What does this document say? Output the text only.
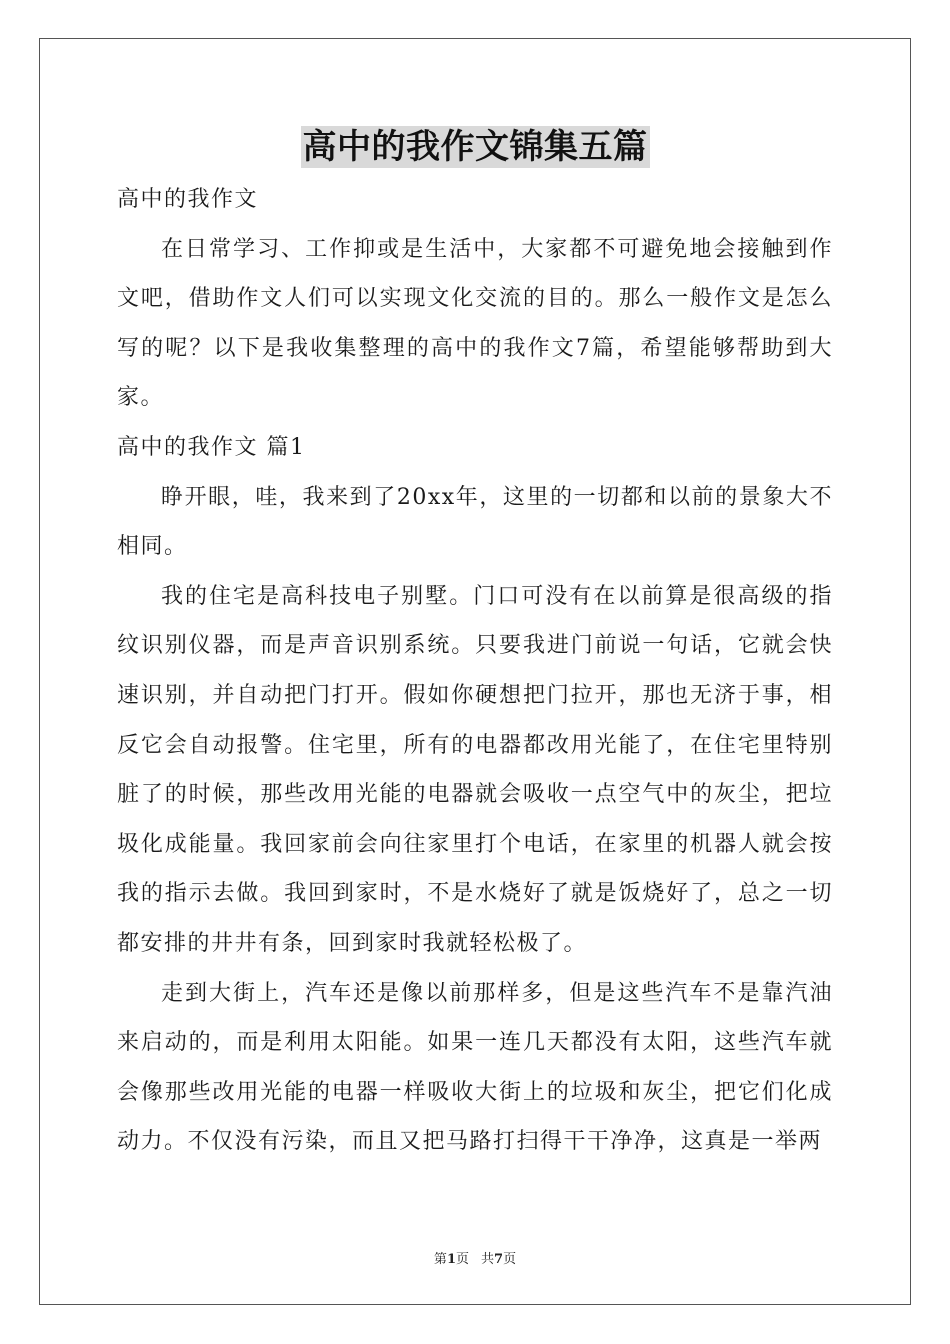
高中的我作文锦集五篇

高中的我作文

在日常学习、工作抑或是生活中，大家都不可避免地会接触到作文吧，借助作文人们可以实现文化交流的目的。那么一般作文是怎么写的呢？以下是我收集整理的高中的我作文7篇，希望能够帮助到大家。

高中的我作文 篇1

睁开眼，哇，我来到了20xx年，这里的一切都和以前的景象大不相同。

我的住宅是高科技电子别墅。门口可没有在以前算是很高级的指纹识别仪器，而是声音识别系统。只要我进门前说一句话，它就会快速识别，并自动把门打开。假如你硬想把门拉开，那也无济于事，相反它会自动报警。住宅里，所有的电器都改用光能了，在住宅里特别脏了的时候，那些改用光能的电器就会吸收一点空气中的灰尘，把垃圾化成能量。我回家前会向往家里打个电话，在家里的机器人就会按我的指示去做。我回到家时，不是水烧好了就是饭烧好了，总之一切都安排的井井有条，回到家时我就轻松极了。

走到大街上，汽车还是像以前那样多，但是这些汽车不是靠汽油来启动的，而是利用太阳能。如果一连几天都没有太阳，这些汽车就会像那些改用光能的电器一样吸收大街上的垃圾和灰尘，把它们化成动力。不仅没有污染，而且又把马路打扫得干干净净，这真是一举两

第1页 共7页
